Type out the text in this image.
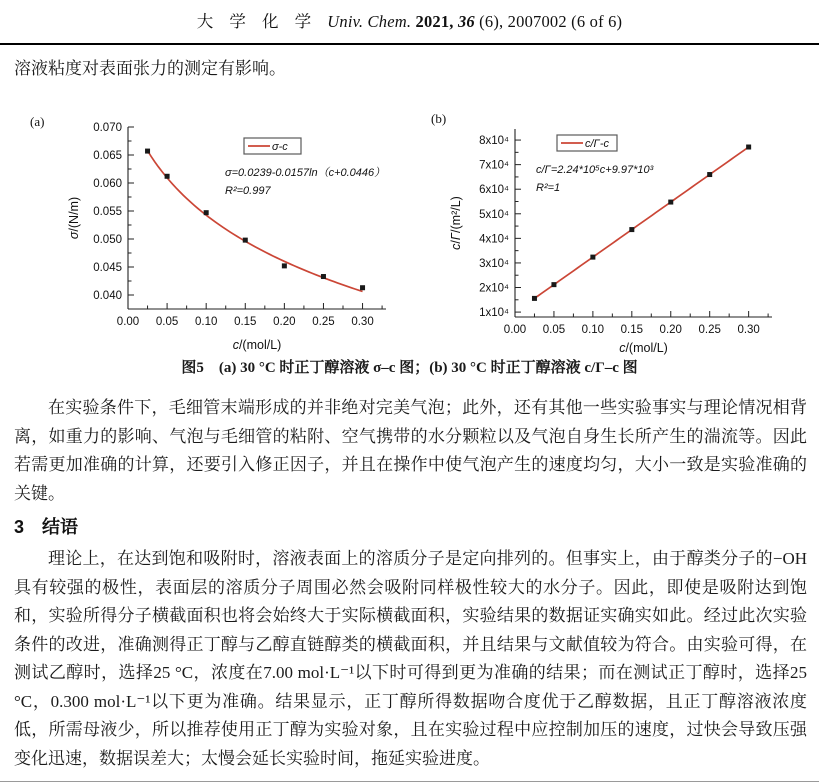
大 学 化 学 Univ. Chem. 2021, 36 (6), 2007002 (6 of 6)

溶液粘度对表面张力的测定有影响。

(a)
0.040
0.045
0.050
0.055
0.060
0.065
0.070
0.00 0.05 0.10 0.15 0.20 0.25 0.30
σ-c
σ=0.0239-0.0157ln（c+0.0446）
R²=0.997
c/(mol/L)
σ/(N/m)
(b)
1x10⁴
2x10⁴
3x10⁴
4x10⁴
5x10⁴
6x10⁴
7x10⁴
8x10⁴
0.00 0.05 0.10 0.15 0.20 0.25 0.30
c/Γ-c
c/Γ=2.24*10⁵c+9.97*10³
R²=1
c/(mol/L)
c/Γ/(m²/L)

图5　(a) 30 °C 时正丁醇溶液 σ–c 图；(b) 30 °C 时正丁醇溶液 c/Γ–c 图

在实验条件下，毛细管末端形成的并非绝对完美气泡；此外，还有其他一些实验事实与理论情况相背离，如重力的影响、气泡与毛细管的粘附、空气携带的水分颗粒以及气泡自身生长所产生的湍流等。因此若需更加准确的计算，还要引入修正因子，并且在操作中使气泡产生的速度均匀，大小一致是实验准确的关键。

3 结语

理论上，在达到饱和吸附时，溶液表面上的溶质分子是定向排列的。但事实上，由于醇类分子的−OH具有较强的极性，表面层的溶质分子周围必然会吸附同样极性较大的水分子。因此，即使是吸附达到饱和，实验所得分子横截面积也将会始终大于实际横截面积，实验结果的数据证实确实如此。经过此次实验条件的改进，准确测得正丁醇与乙醇直链醇类的横截面积，并且结果与文献值较为符合。由实验可得，在测试乙醇时，选择25 °C，浓度在7.00 mol·L⁻¹以下时可得到更为准确的结果；而在测试正丁醇时，选择25 °C，0.300 mol·L⁻¹以下更为准确。结果显示，正丁醇所得数据吻合度优于乙醇数据，且正丁醇溶液浓度低，所需母液少，所以推荐使用正丁醇为实验对象，且在实验过程中应控制加压的速度，过快会导致压强变化迅速，数据误差大；太慢会延长实验时间，拖延实验进度。
